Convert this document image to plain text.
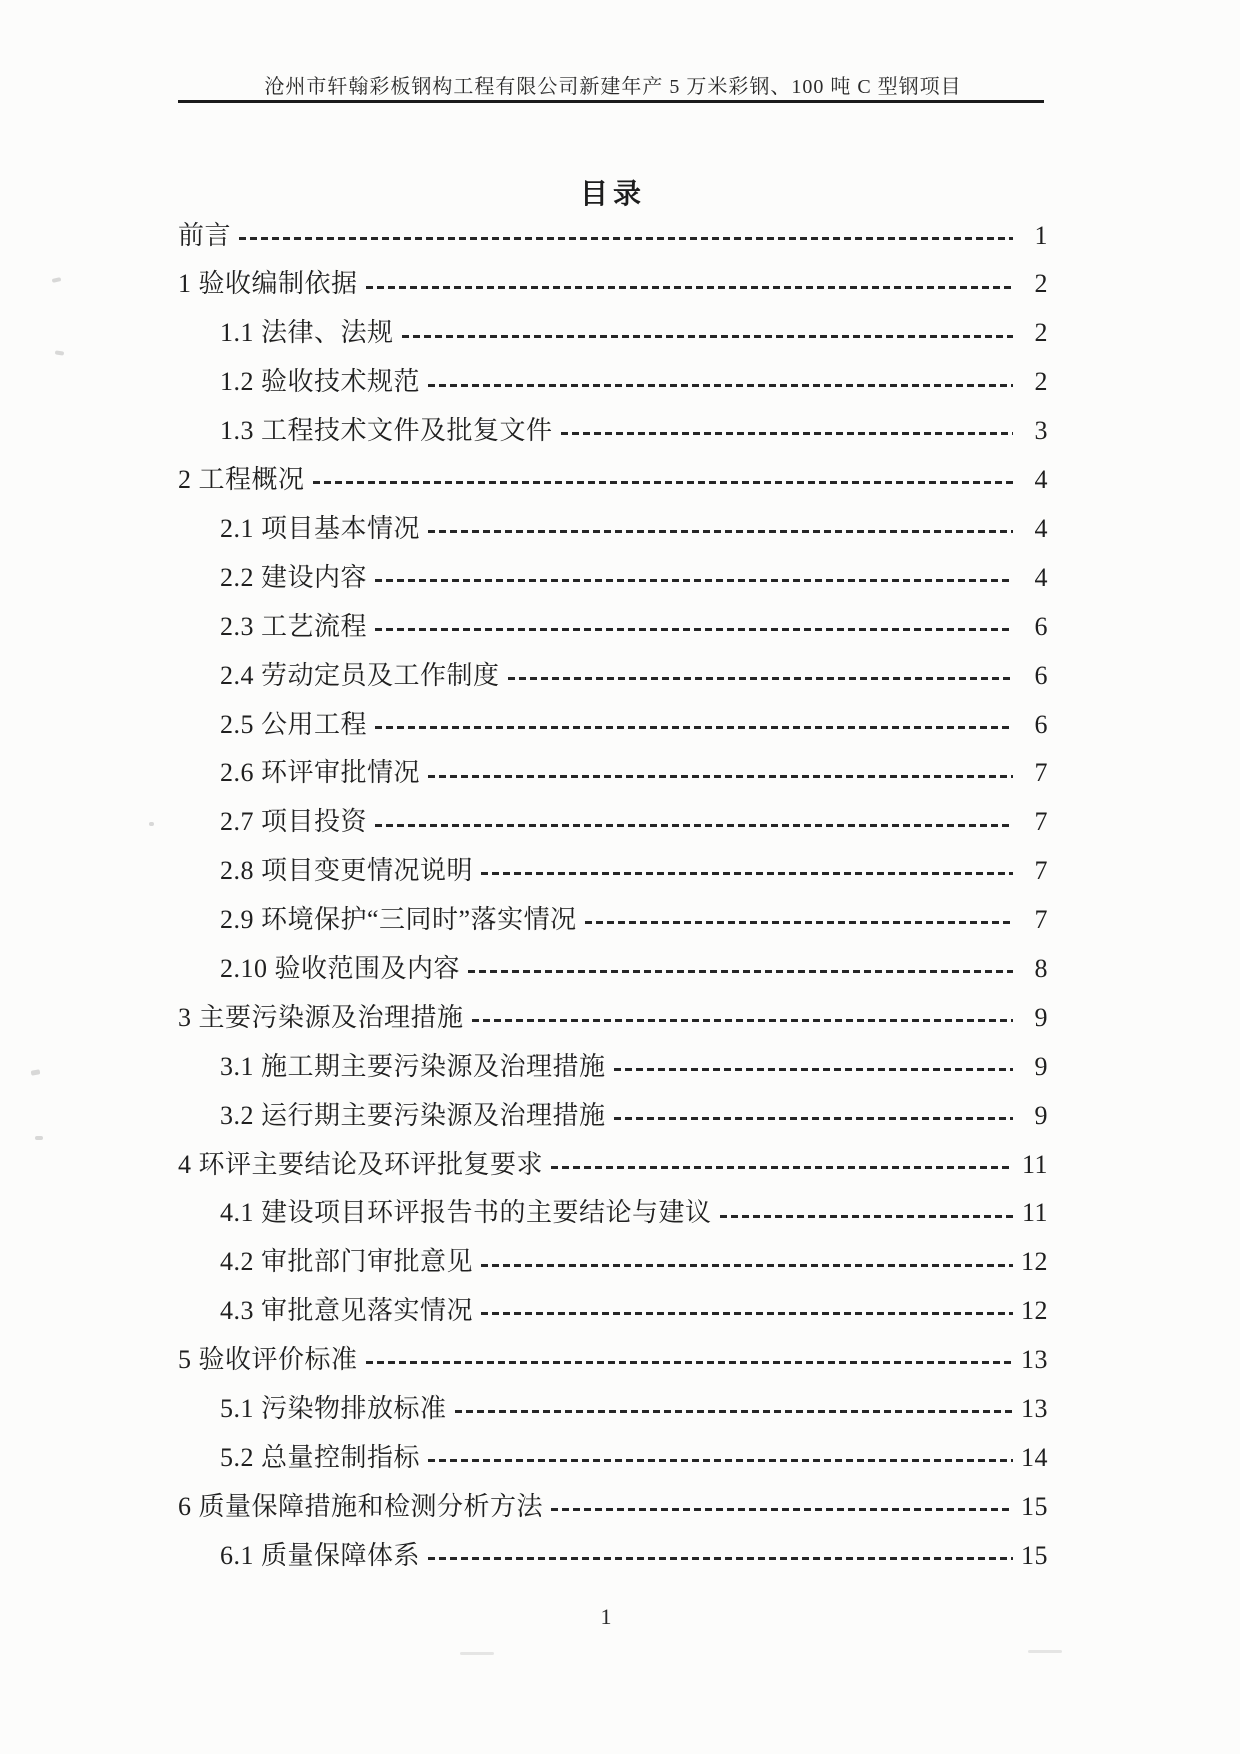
沧州市轩翰彩板钢构工程有限公司新建年产 5 万米彩钢、100 吨 C 型钢项目
目录
前言	1
1 验收编制依据	2
1.1 法律、法规	2
1.2 验收技术规范	2
1.3 工程技术文件及批复文件	3
2 工程概况	4
2.1 项目基本情况	4
2.2 建设内容	4
2.3 工艺流程	6
2.4 劳动定员及工作制度	6
2.5 公用工程	6
2.6 环评审批情况	7
2.7 项目投资	7
2.8 项目变更情况说明	7
2.9 环境保护“三同时”落实情况	7
2.10 验收范围及内容	8
3 主要污染源及治理措施	9
3.1 施工期主要污染源及治理措施	9
3.2 运行期主要污染源及治理措施	9
4 环评主要结论及环评批复要求	11
4.1 建设项目环评报告书的主要结论与建议	11
4.2 审批部门审批意见	12
4.3 审批意见落实情况	12
5 验收评价标准	13
5.1 污染物排放标准	13
5.2 总量控制指标	14
6 质量保障措施和检测分析方法	15
6.1 质量保障体系	15
1
